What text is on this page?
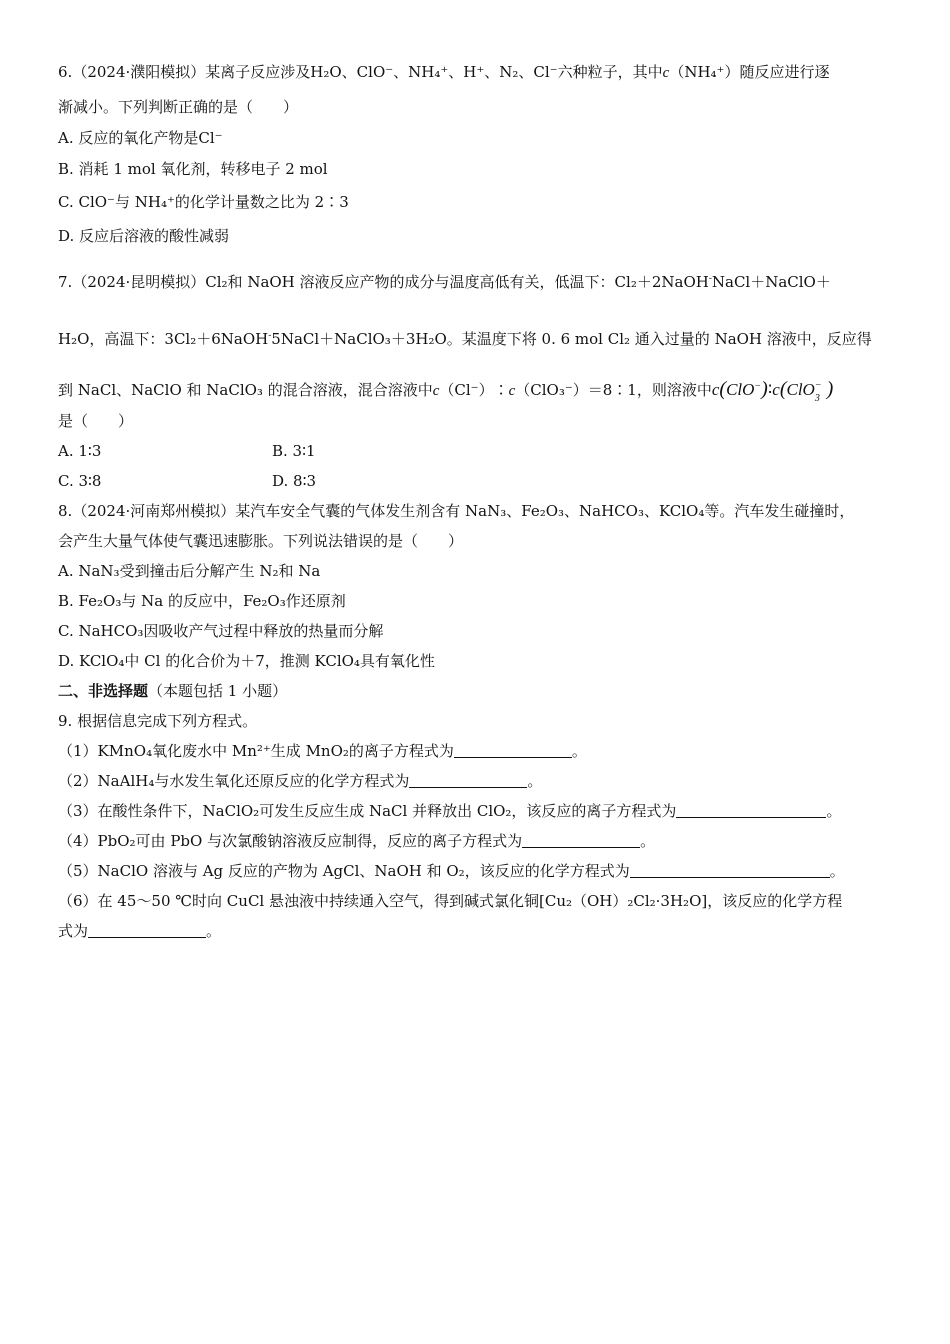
6.（2024·濮阳模拟）某离子反应涉及H₂O、ClO⁻、NH₄⁺、H⁺、N₂、Cl⁻六种粒子，其中c（NH₄⁺）随反应进行逐
渐减小。下列判断正确的是（　　）
A. 反应的氧化产物是Cl⁻
B. 消耗 1 mol 氧化剂，转移电子 2 mol
C. ClO⁻与 NH₄⁺的化学计量数之比为 2∶3
D. 反应后溶液的酸性减弱
7.（2024·昆明模拟）Cl₂和 NaOH 溶液反应产物的成分与温度高低有关，低温下：Cl₂＋2NaOH-NaCl＋NaClO＋
H₂O，高温下：3Cl₂＋6NaOH-5NaCl＋NaClO₃＋3H₂O。某温度下将 0. 6 mol Cl₂ 通入过量的 NaOH 溶液中，反应得
到 NaCl、NaClO 和 NaClO₃ 的混合溶液，混合溶液中c（Cl⁻）∶c（ClO₃⁻）＝8∶1，则溶液中c(ClO−)∶c(ClO$_3$− )
是（　　）
A. 1∶3	B. 3∶1
C. 3∶8	D. 8∶3
8.（2024·河南郑州模拟）某汽车安全气囊的气体发生剂含有 NaN₃、Fe₂O₃、NaHCO₃、KClO₄等。汽车发生碰撞时，
会产生大量气体使气囊迅速膨胀。下列说法错误的是（　　）
A. NaN₃受到撞击后分解产生 N₂和 Na
B. Fe₂O₃与 Na 的反应中，Fe₂O₃作还原剂
C. NaHCO₃因吸收产气过程中释放的热量而分解
D. KClO₄中 Cl 的化合价为＋7，推测 KClO₄具有氧化性
二、非选择题（本题包括 1 小题）
9. 根据信息完成下列方程式。
（1）KMnO₄氧化废水中 Mn²⁺生成 MnO₂的离子方程式为	。
（2）NaAlH₄与水发生氧化还原反应的化学方程式为	。
（3）在酸性条件下，NaClO₂可发生反应生成 NaCl 并释放出 ClO₂，该反应的离子方程式为	。
（4）PbO₂可由 PbO 与次氯酸钠溶液反应制得，反应的离子方程式为	。
（5）NaClO 溶液与 Ag 反应的产物为 AgCl、NaOH 和 O₂，该反应的化学方程式为	。
（6）在 45～50 ℃时向 CuCl 悬浊液中持续通入空气，得到碱式氯化铜[Cu₂（OH）₂Cl₂·3H₂O]，该反应的化学方程
式为	。
